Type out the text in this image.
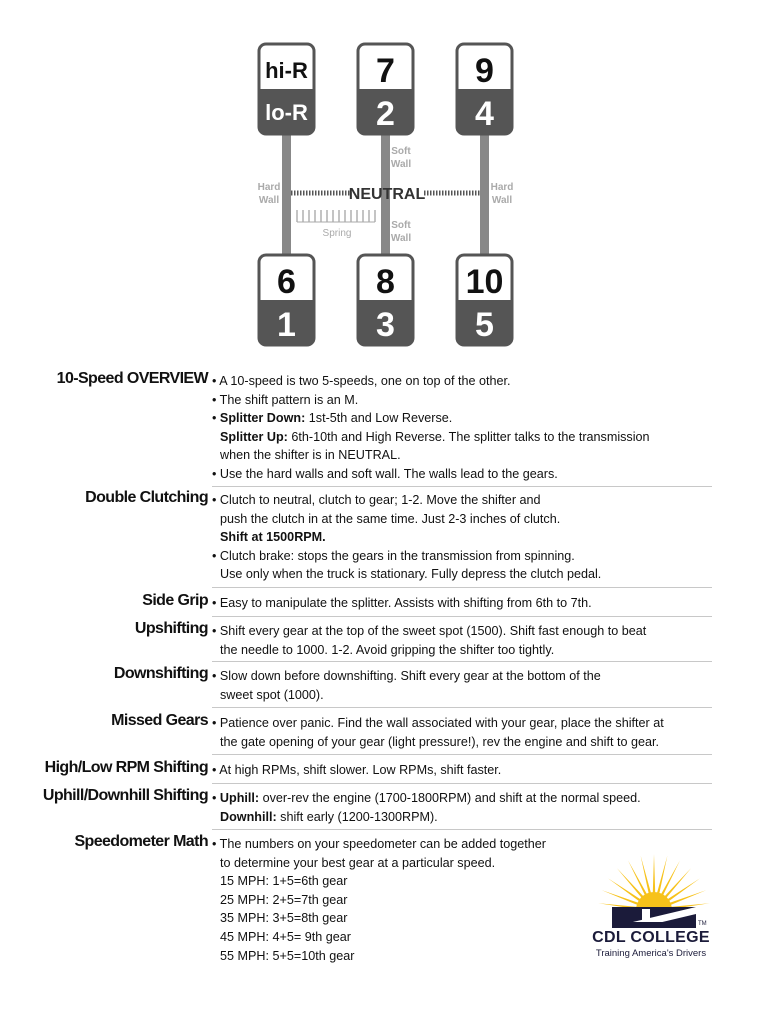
NEUTRAL
Spring
Hard
Wall
Hard
Wall
Soft
Wall
Soft
Wall
hi-R
lo-R
7
2
9
4
6
1
8
3
10
5
10-Speed OVERVIEW • A 10-speed is two 5-speeds, one on top of the other.
• The shift pattern is an M.
• Splitter Down: 1st-5th and Low Reverse.
Splitter Up: 6th-10th and High Reverse. The splitter talks to the transmission
when the shifter is in NEUTRAL.
• Use the hard walls and soft wall. The walls lead to the gears.
Double Clutching • Clutch to neutral, clutch to gear; 1-2. Move the shifter and
push the clutch in at the same time. Just 2-3 inches of clutch.
Shift at 1500RPM.
• Clutch brake: stops the gears in the transmission from spinning.
Use only when the truck is stationary. Fully depress the clutch pedal.
Side Grip • Easy to manipulate the splitter. Assists with shifting from 6th to 7th.
Upshifting • Shift every gear at the top of the sweet spot (1500). Shift fast enough to beat
the needle to 1000. 1-2. Avoid gripping the shifter too tightly.
Downshifting • Slow down before downshifting. Shift every gear at the bottom of the
sweet spot (1000).
Missed Gears • Patience over panic. Find the wall associated with your gear, place the shifter at
the gate opening of your gear (light pressure!), rev the engine and shift to gear.
High/Low RPM Shifting • At high RPMs, shift slower. Low RPMs, shift faster.
Uphill/Downhill Shifting • Uphill: over-rev the engine (1700-1800RPM) and shift at the normal speed.
Downhill: shift early (1200-1300RPM).
Speedometer Math • The numbers on your speedometer can be added together
to determine your best gear at a particular speed.
15 MPH: 1+5=6th gear
25 MPH: 2+5=7th gear
35 MPH: 3+5=8th gear
45 MPH: 4+5= 9th gear
55 MPH: 5+5=10th gear
CDL COLLEGE
TM
Training America's Drivers
